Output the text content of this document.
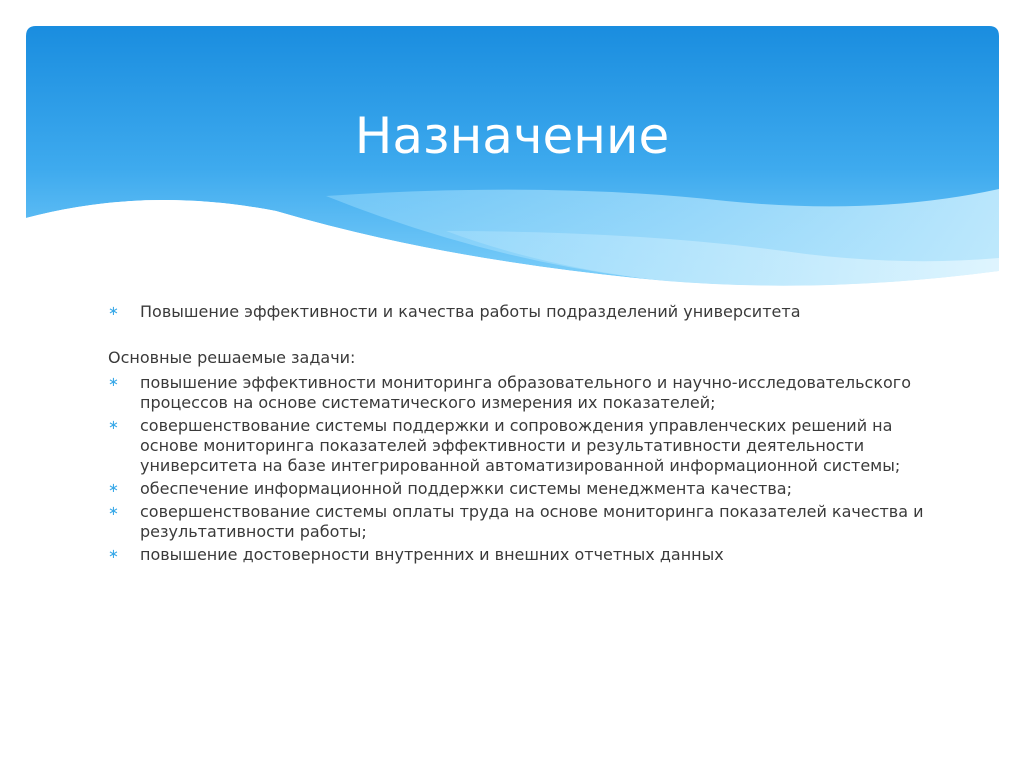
Назначение
∗ Повышение эффективности и качества работы подразделений университета
Основные решаемые задачи:
∗ повышение эффективности мониторинга образовательного и научно-исследовательского процессов на основе систематического измерения их показателей;
∗ совершенствование системы поддержки и сопровождения управленческих решений на основе мониторинга показателей эффективности и результативности деятельности университета на базе интегрированной автоматизированной информационной системы;
∗ обеспечение информационной поддержки системы менеджмента качества;
∗ совершенствование системы оплаты труда на основе мониторинга показателей качества и результативности работы;
∗ повышение достоверности внутренних и внешних отчетных данных
